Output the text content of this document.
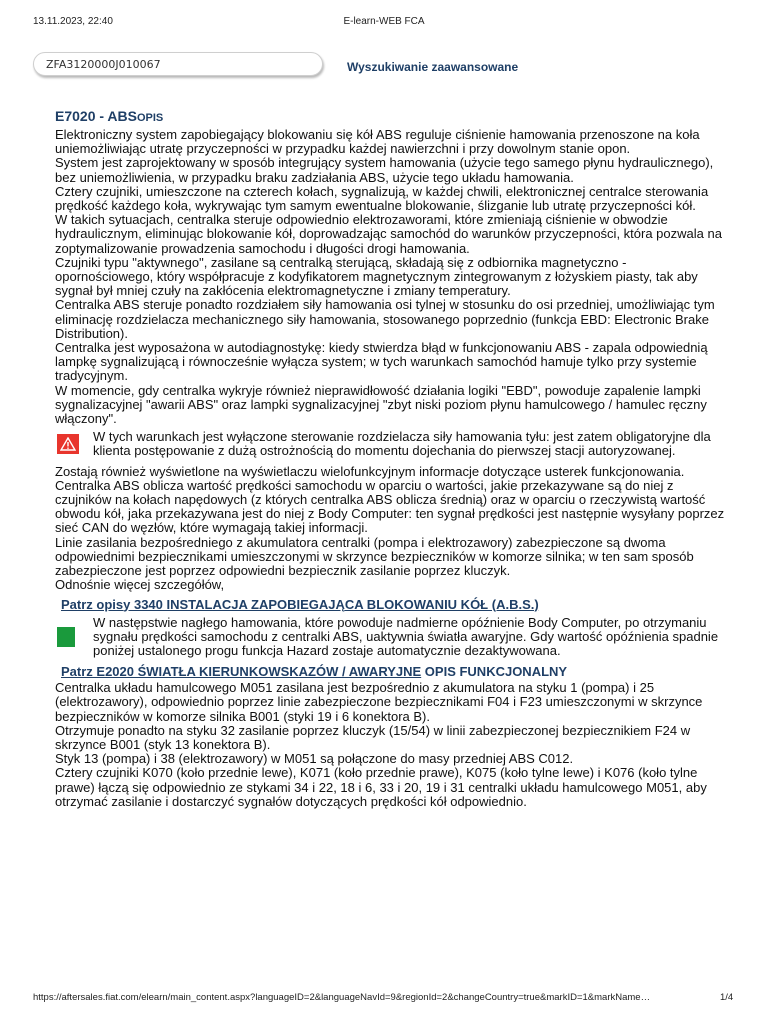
13.11.2023, 22:40	E-learn-WEB FCA
ZFA3120000J010067
Wyszukiwanie zaawansowane
E7020 - ABSOPIS

Elektroniczny system zapobiegający blokowaniu się kół ABS reguluje ciśnienie hamowania przenoszone na koła uniemożliwiając utratę przyczepności w przypadku każdej nawierzchni i przy dowolnym stanie opon.

System jest zaprojektowany w sposób integrujący system hamowania (użycie tego samego płynu hydraulicznego), bez uniemożliwienia, w przypadku braku zadziałania ABS, użycie tego układu hamowania.

Cztery czujniki, umieszczone na czterech kołach, sygnalizują, w każdej chwili, elektronicznej centralce sterowania prędkość każdego koła, wykrywając tym samym ewentualne blokowanie, ślizganie lub utratę przyczepności kół.

W takich sytuacjach, centralka steruje odpowiednio elektrozaworami, które zmieniają ciśnienie w obwodzie hydraulicznym, eliminując blokowanie kół, doprowadzając samochód do warunków przyczepności, która pozwala na zoptymalizowanie prowadzenia samochodu i długości drogi hamowania.

Czujniki typu "aktywnego", zasilane są centralką sterującą, składają się z odbiornika magnetyczno - opornościowego, który współpracuje z kodyfikatorem magnetycznym zintegrowanym z łożyskiem piasty, tak aby sygnał był mniej czuły na zakłócenia elektromagnetyczne i zmiany temperatury.

Centralka ABS steruje ponadto rozdziałem siły hamowania osi tylnej w stosunku do osi przedniej, umożliwiając tym eliminację rozdzielacza mechanicznego siły hamowania, stosowanego poprzednio (funkcja EBD: Electronic Brake Distribution).

Centralka jest wyposażona w autodiagnostykę: kiedy stwierdza błąd w funkcjonowaniu ABS - zapala odpowiednią lampkę sygnalizującą i równocześnie wyłącza system; w tych warunkach samochód hamuje tylko przy systemie tradycyjnym.

W momencie, gdy centralka wykryje również nieprawidłowość działania logiki "EBD", powoduje zapalenie lampki sygnalizacyjnej "awarii ABS" oraz lampki sygnalizacyjnej "zbyt niski poziom płynu hamulcowego / hamulec ręczny włączony".

W tych warunkach jest wyłączone sterowanie rozdzielacza siły hamowania tyłu: jest zatem obligatoryjne dla klienta postępowanie z dużą ostrożnością do momentu dojechania do pierwszej stacji autoryzowanej.

Zostają również wyświetlone na wyświetlaczu wielofunkcyjnym informacje dotyczące usterek funkcjonowania.

Centralka ABS oblicza wartość prędkości samochodu w oparciu o wartości, jakie przekazywane są do niej z czujników na kołach napędowych (z których centralka ABS oblicza średnią) oraz w oparciu o rzeczywistą wartość obwodu kół, jaka przekazywana jest do niej z Body Computer: ten sygnał prędkości jest następnie wysyłany poprzez sieć CAN do węzłów, które wymagają takiej informacji.

Linie zasilania bezpośredniego z akumulatora centralki (pompa i elektrozawory) zabezpieczone są dwoma odpowiednimi bezpiecznikami umieszczonymi w skrzynce bezpieczników w komorze silnika; w ten sam sposób zabezpieczone jest poprzez odpowiedni bezpiecznik zasilanie poprzez kluczyk.

Odnośnie więcej szczegółów,

Patrz opisy 3340 INSTALACJA ZAPOBIEGAJĄCA BLOKOWANIU KÓŁ (A.B.S.)

W następstwie nagłego hamowania, które powoduje nadmierne opóźnienie Body Computer, po otrzymaniu sygnału prędkości samochodu z centralki ABS, uaktywnia światła awaryjne. Gdy wartość opóźnienia spadnie poniżej ustalonego progu funkcja Hazard zostaje automatycznie dezaktywowana.

Patrz E2020 ŚWIATŁA KIERUNKOWSKAZÓW / AWARYJNE OPIS FUNKCJONALNY

Centralka układu hamulcowego M051 zasilana jest bezpośrednio z akumulatora na styku 1 (pompa) i 25 (elektrozawory), odpowiednio poprzez linie zabezpieczone bezpiecznikami F04 i F23 umieszczonymi w skrzynce bezpieczników w komorze silnika B001 (styki 19 i 6 konektora B).

Otrzymuje ponadto na styku 32 zasilanie poprzez kluczyk (15/54) w linii zabezpieczonej bezpiecznikiem F24 w skrzynce B001 (styk 13 konektora B).

Styk 13 (pompa) i 38 (elektrozawory) w M051 są połączone do masy przedniej ABS C012.

Cztery czujniki K070 (koło przednie lewe), K071 (koło przednie prawe), K075 (koło tylne lewe) i K076 (koło tylne prawe) łączą się odpowiednio ze stykami 34 i 22, 18 i 6, 33 i 20, 19 i 31 centralki układu hamulcowego M051, aby otrzymać zasilanie i dostarczyć sygnałów dotyczących prędkości kół odpowiednio.

https://aftersales.fiat.com/elearn/main_content.aspx?languageID=2&languageNavId=9&regionId=2&changeCountry=true&markID=1&markName…	1/4
